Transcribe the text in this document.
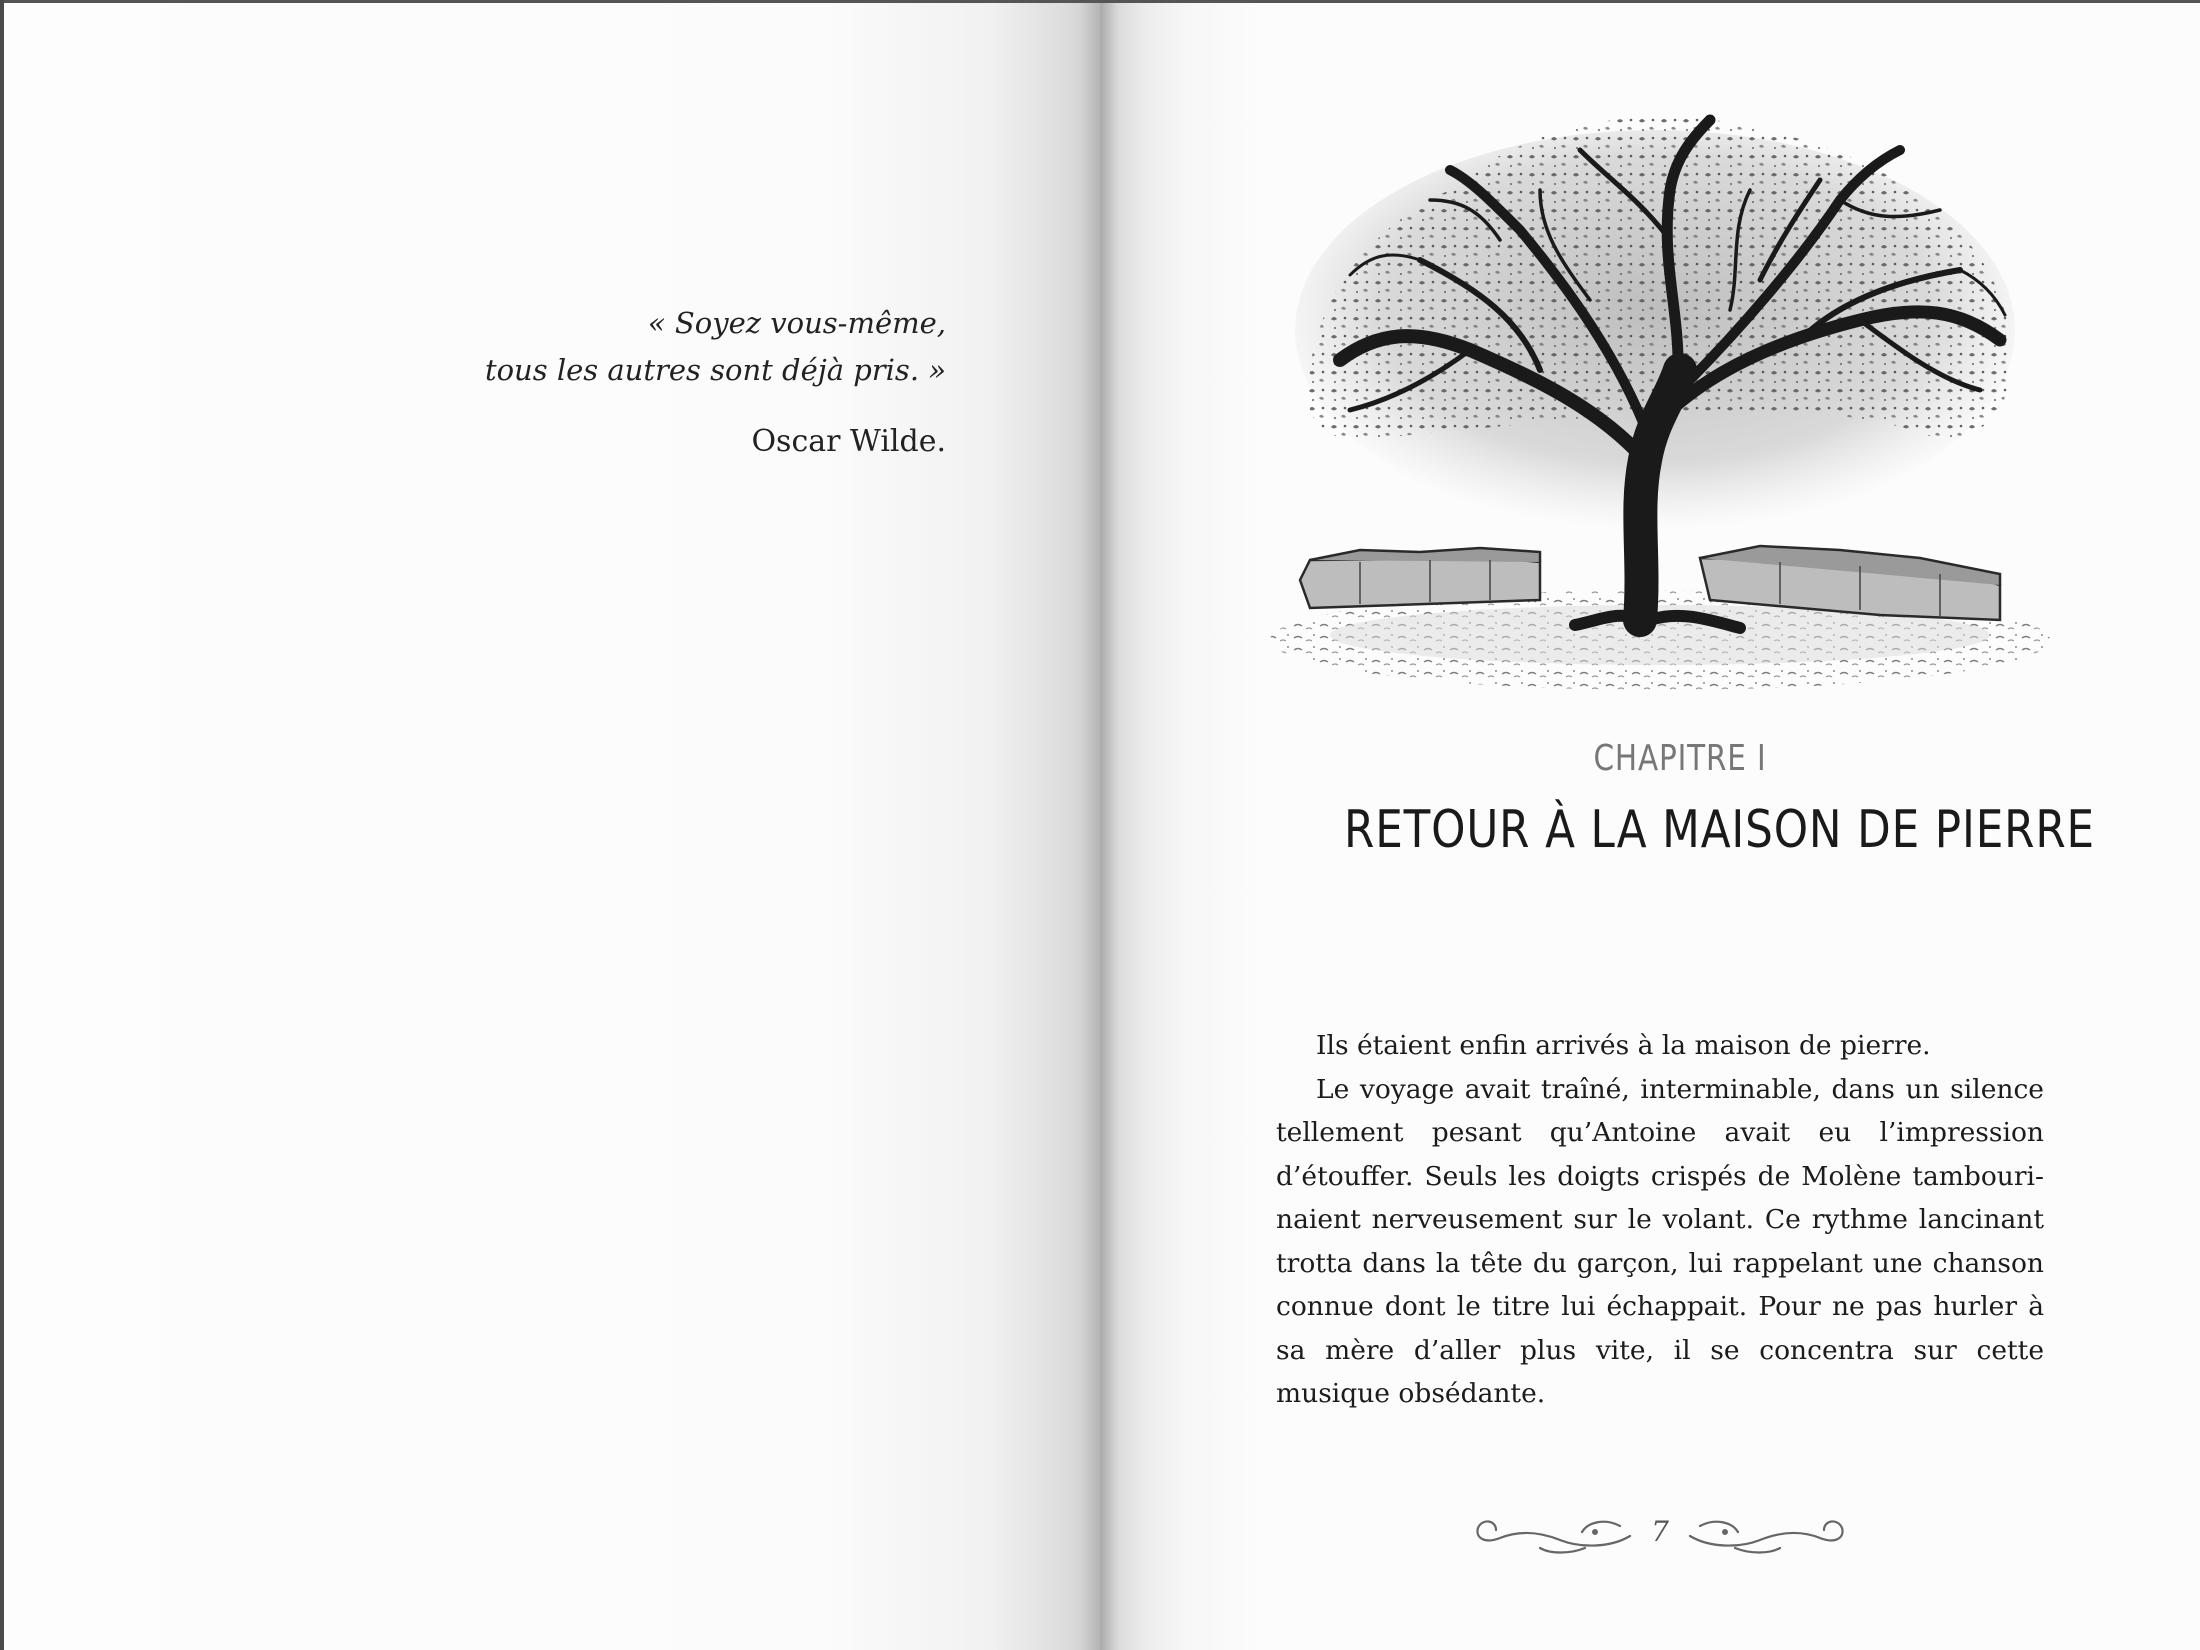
« Soyez vous-même,
tous les autres sont déjà pris. »
Oscar Wilde.
CHAPITRE I
RETOUR À LA MAISON DE PIERRE

Ils étaient enfin arrivés à la maison de pierre.

Le voyage avait traîné, interminable, dans un silence tellement pesant qu’Antoine avait eu l’impression d’étouffer. Seuls les doigts crispés de Molène tambourinaient nerveusement sur le volant. Ce rythme lancinant trotta dans la tête du garçon, lui rappelant une chanson connue dont le titre lui échappait. Pour ne pas hurler à sa mère d’aller plus vite, il se concentra sur cette musique obsédante.

7
